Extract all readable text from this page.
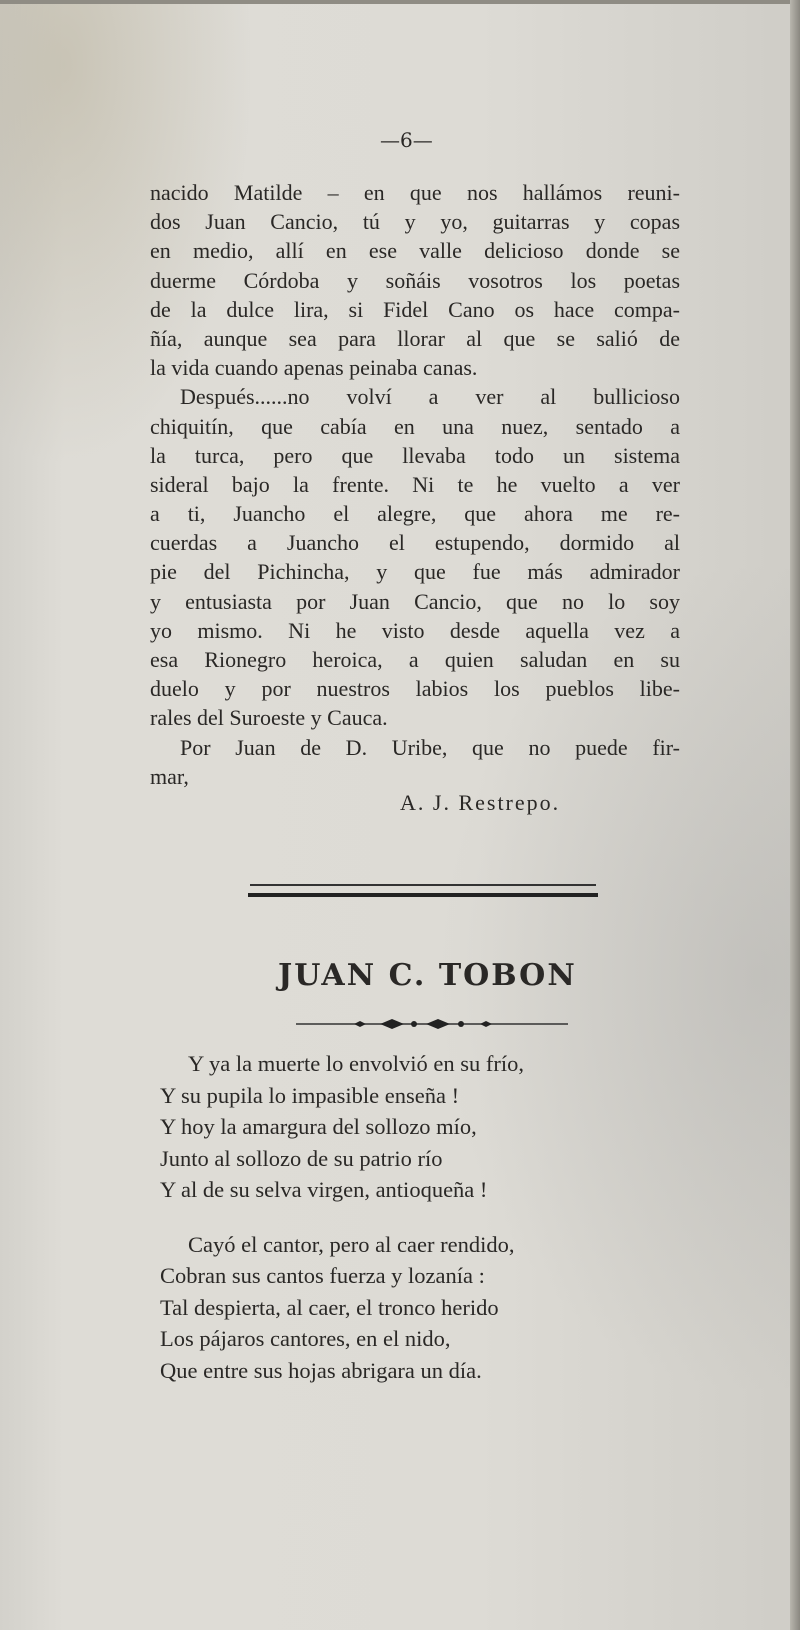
—6—
nacido Matilde – en que nos hallámos reuni-
dos Juan Cancio, tú y yo, guitarras y copas
en medio, allí en ese valle delicioso donde se
duerme Córdoba y soñáis vosotros los poetas
de la dulce lira, si Fidel Cano os hace compa-
ñía, aunque sea para llorar al que se salió de
la vida cuando apenas peinaba canas.
Después......no volví a ver al bullicioso
chiquitín, que cabía en una nuez, sentado a
la turca, pero que llevaba todo un sistema
sideral bajo la frente. Ni te he vuelto a ver
a ti, Juancho el alegre, que ahora me re-
cuerdas a Juancho el estupendo, dormido al
pie del Pichincha, y que fue más admirador
y entusiasta por Juan Cancio, que no lo soy
yo mismo. Ni he visto desde aquella vez a
esa Rionegro heroica, a quien saludan en su
duelo y por nuestros labios los pueblos libe-
rales del Suroeste y Cauca.
Por Juan de D. Uribe, que no puede fir-
mar,
A. J. Restrepo.
JUAN C. TOBON
Y ya la muerte lo envolvió en su frío,
Y su pupila lo impasible enseña !
Y hoy la amargura del sollozo mío,
Junto al sollozo de su patrio río
Y al de su selva virgen, antioqueña !
Cayó el cantor, pero al caer rendido,
Cobran sus cantos fuerza y lozanía :
Tal despierta, al caer, el tronco herido
Los pájaros cantores, en el nido,
Que entre sus hojas abrigara un día.
